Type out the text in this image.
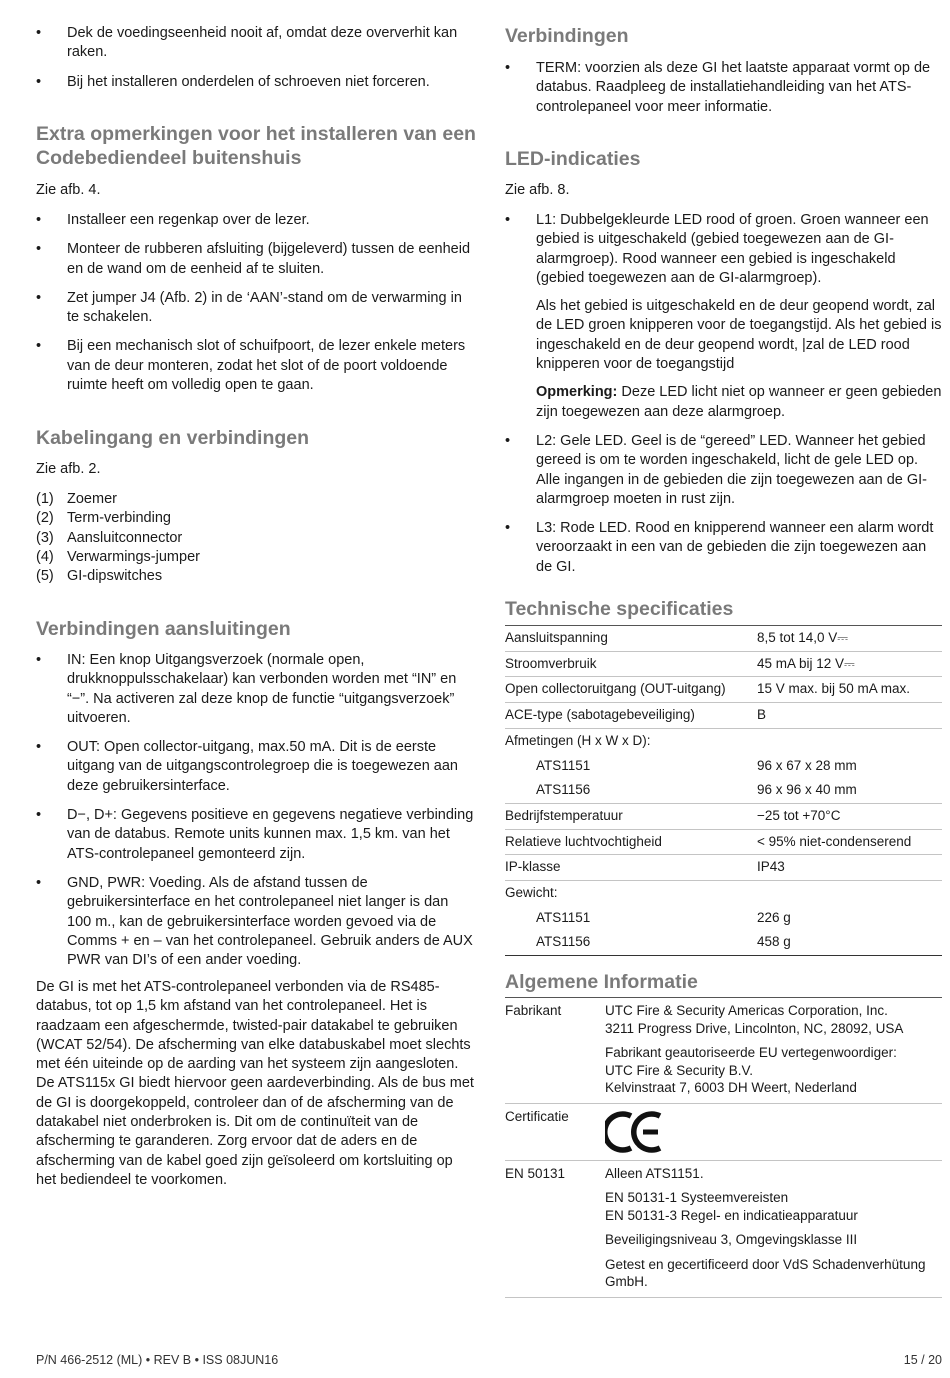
• Dek de voedingseenheid nooit af, omdat deze oververhit kan raken.
• Bij het installeren onderdelen of schroeven niet forceren.
Extra opmerkingen voor het installeren van een Codebediendeel buitenshuis

Zie afb. 4.

• Installeer een regenkap over de lezer.
• Monteer de rubberen afsluiting (bijgeleverd) tussen de eenheid en de wand om de eenheid af te sluiten.
• Zet jumper J4 (Afb. 2) in de ‘AAN’-stand om de verwarming in te schakelen.
• Bij een mechanisch slot of schuifpoort, de lezer enkele meters van de deur monteren, zodat het slot of de poort voldoende ruimte heeft om volledig open te gaan.
Kabelingang en verbindingen

Zie afb. 2.

(1) Zoemer
(2) Term-verbinding
(3) Aansluitconnector
(4) Verwarmings-jumper
(5) GI-dipswitches
Verbindingen aansluitingen
• IN: Een knop Uitgangsverzoek (normale open, drukknoppulsschakelaar) kan verbonden worden met “IN” en “−”. Na activeren zal deze knop de functie “uitgangsverzoek” uitvoeren.
• OUT: Open collector-uitgang, max.50 mA. Dit is de eerste uitgang van de uitgangscontrolegroep die is toegewezen aan deze gebruikersinterface.
• D−, D+: Gegevens positieve en gegevens negatieve verbinding van de databus. Remote units kunnen max. 1,5 km. van het ATS-controlepaneel gemonteerd zijn.
• GND, PWR: Voeding. Als de afstand tussen de gebruikersinterface en het controlepaneel niet langer is dan 100 m., kan de gebruikersinterface worden gevoed via de Comms + en – van het controlepaneel. Gebruik anders de AUX PWR van DI’s of een ander voeding.

De GI is met het ATS-controlepaneel verbonden via de RS485-databus, tot op 1,5 km afstand van het controlepaneel. Het is raadzaam een afgeschermde, twisted-pair datakabel te gebruiken (WCAT 52/54). De afscherming van elke databuskabel moet slechts met één uiteinde op de aarding van het systeem zijn aangesloten. De ATS115x GI biedt hiervoor geen aardeverbinding. Als de bus met de GI is doorgekoppeld, controleer dan of de afscherming van de datakabel niet onderbroken is. Dit om de continuïteit van de afscherming te garanderen. Zorg ervoor dat de aders en de afscherming van de kabel goed zijn geïsoleerd om kortsluiting op het bediendeel te voorkomen.

Verbindingen
• TERM: voorzien als deze GI het laatste apparaat vormt op de databus. Raadpleeg de installatiehandleiding van het ATS-controlepaneel voor meer informatie.
LED-indicaties

Zie afb. 8.

• L1: Dubbelgekleurde LED rood of groen. Groen wanneer een gebied is uitgeschakeld (gebied toegewezen aan de GI-alarmgroep). Rood wanneer een gebied is ingeschakeld (gebied toegewezen aan de GI-alarmgroep).

Als het gebied is uitgeschakeld en de deur geopend wordt, zal de LED groen knipperen voor de toegangstijd. Als het gebied is ingeschakeld en de deur geopend wordt, |zal de LED rood knipperen voor de toegangstijd

Opmerking: Deze LED licht niet op wanneer er geen gebieden zijn toegewezen aan deze alarmgroep.

• L2: Gele LED. Geel is de “gereed” LED. Wanneer het gebied gereed is om te worden ingeschakeld, licht de gele LED op. Alle ingangen in de gebieden die zijn toegewezen aan de GI-alarmgroep moeten in rust zijn.
• L3: Rode LED. Rood en knipperend wanneer een alarm wordt veroorzaakt in een van de gebieden die zijn toegewezen aan de GI.
Technische specificaties
Aansluitspanning	8,5 tot 14,0 V⎓
Stroomverbruik	45 mA bij 12 V⎓
Open collectoruitgang (OUT-uitgang)	15 V max. bij 50 mA max.
ACE-type (sabotagebeveiliging)	B
Afmetingen (H x W x D):	
ATS1151	96 x 67 x 28 mm
ATS1156	96 x 96 x 40 mm
Bedrijfstemperatuur	−25 tot +70°C
Relatieve luchtvochtigheid	< 95% niet-condenserend
IP-klasse	IP43
Gewicht:	
ATS1151	226 g
ATS1156	458 g
Algemene Informatie
Fabrikant	UTC Fire & Security Americas Corporation, Inc.
3211 Progress Drive, Lincolnton, NC, 28092, USA
Fabrikant geautoriseerde EU vertegenwoordiger:
UTC Fire & Security B.V.
Kelvinstraat 7, 6003 DH Weert, Nederland

Certificatie	

EN 50131	Alleen ATS1151.
EN 50131-1 Systeemvereisten
EN 50131-3 Regel- en indicatieapparatuur
Beveiligingsniveau 3, Omgevingsklasse III
Getest en gecertificeerd door VdS Schadenverhütung GmbH.
P/N 466-2512 (ML) • REV B • ISS 08JUN16	15 / 20
